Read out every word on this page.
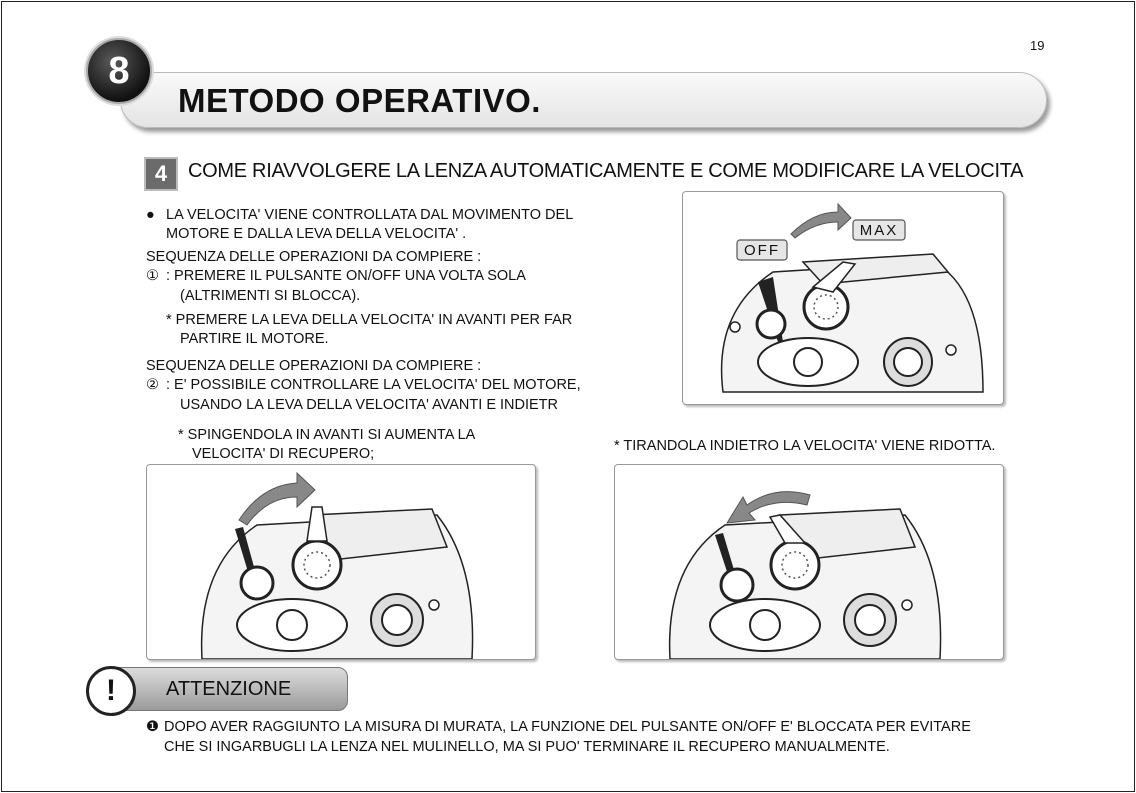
19
8
METODO OPERATIVO.
4	COME RIAVVOLGERE LA LENZA AUTOMATICAMENTE E COME MODIFICARE LA VELOCITA
● LA VELOCITA' VIENE CONTROLLATA DAL MOVIMENTO DEL
MOTORE E DALLA LEVA DELLA VELOCITA' .
SEQUENZA DELLE OPERAZIONI DA COMPIERE :
① : PREMERE IL PULSANTE ON/OFF UNA VOLTA SOLA
(ALTRIMENTI SI BLOCCA).
* PREMERE LA LEVA DELLA VELOCITA' IN AVANTI PER FAR
PARTIRE IL MOTORE.
SEQUENZA DELLE OPERAZIONI DA COMPIERE :
② : E' POSSIBILE CONTROLLARE LA VELOCITA' DEL MOTORE,
USANDO LA LEVA DELLA VELOCITA' AVANTI E INDIETR
* SPINGENDOLA IN AVANTI SI AUMENTA LA
VELOCITA' DI RECUPERO;	* TIRANDOLA INDIETRO LA VELOCITA' VIENE RIDOTTA.
OFF
MAX
!	ATTENZIONE
❶ DOPO AVER RAGGIUNTO LA MISURA DI MURATA, LA FUNZIONE DEL PULSANTE ON/OFF E' BLOCCATA PER EVITARE
CHE SI INGARBUGLI LA LENZA NEL MULINELLO, MA SI PUO' TERMINARE IL RECUPERO MANUALMENTE.
